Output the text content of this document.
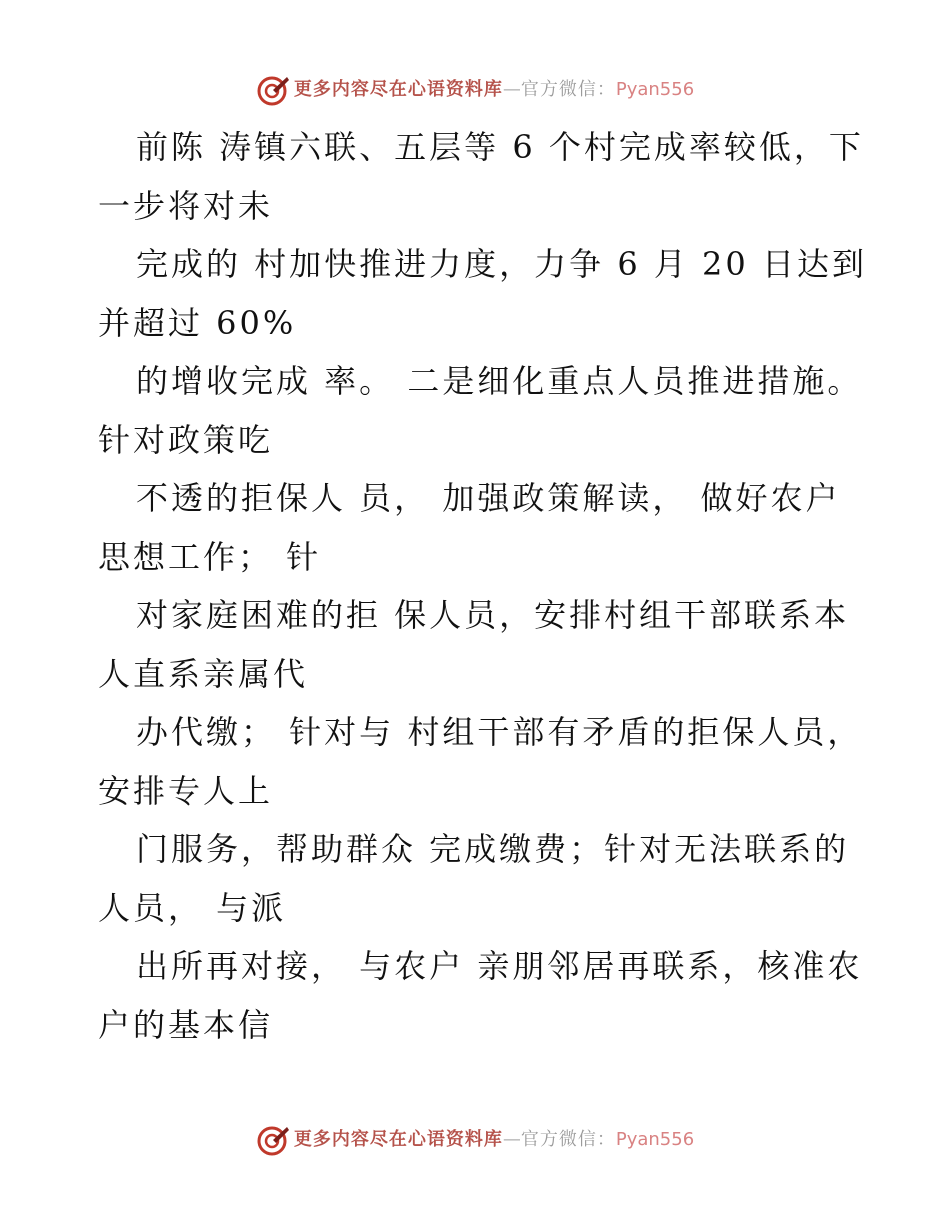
更多内容尽在心语资料库 — 官方微信 ： Pyan556
前陈 涛镇六联、五层等 6 个村完成率较低，下
一步将对未
完成的 村加快推进力度，力争 6 月 20 日达到
并超过 60%
的增收完成 率。 二是细化重点人员推进措施。
针对政策吃
不透的拒保人 员， 加强政策解读， 做好农户
思想工作； 针
对家庭困难的拒 保人员，安排村组干部联系本
人直系亲属代
办代缴； 针对与 村组干部有矛盾的拒保人员，
安排专人上
门服务，帮助群众 完成缴费；针对无法联系的
人员， 与派
出所再对接， 与农户 亲朋邻居再联系，核准农
户的基本信
更多内容尽在心语资料库 — 官方微信 ： Pyan556
